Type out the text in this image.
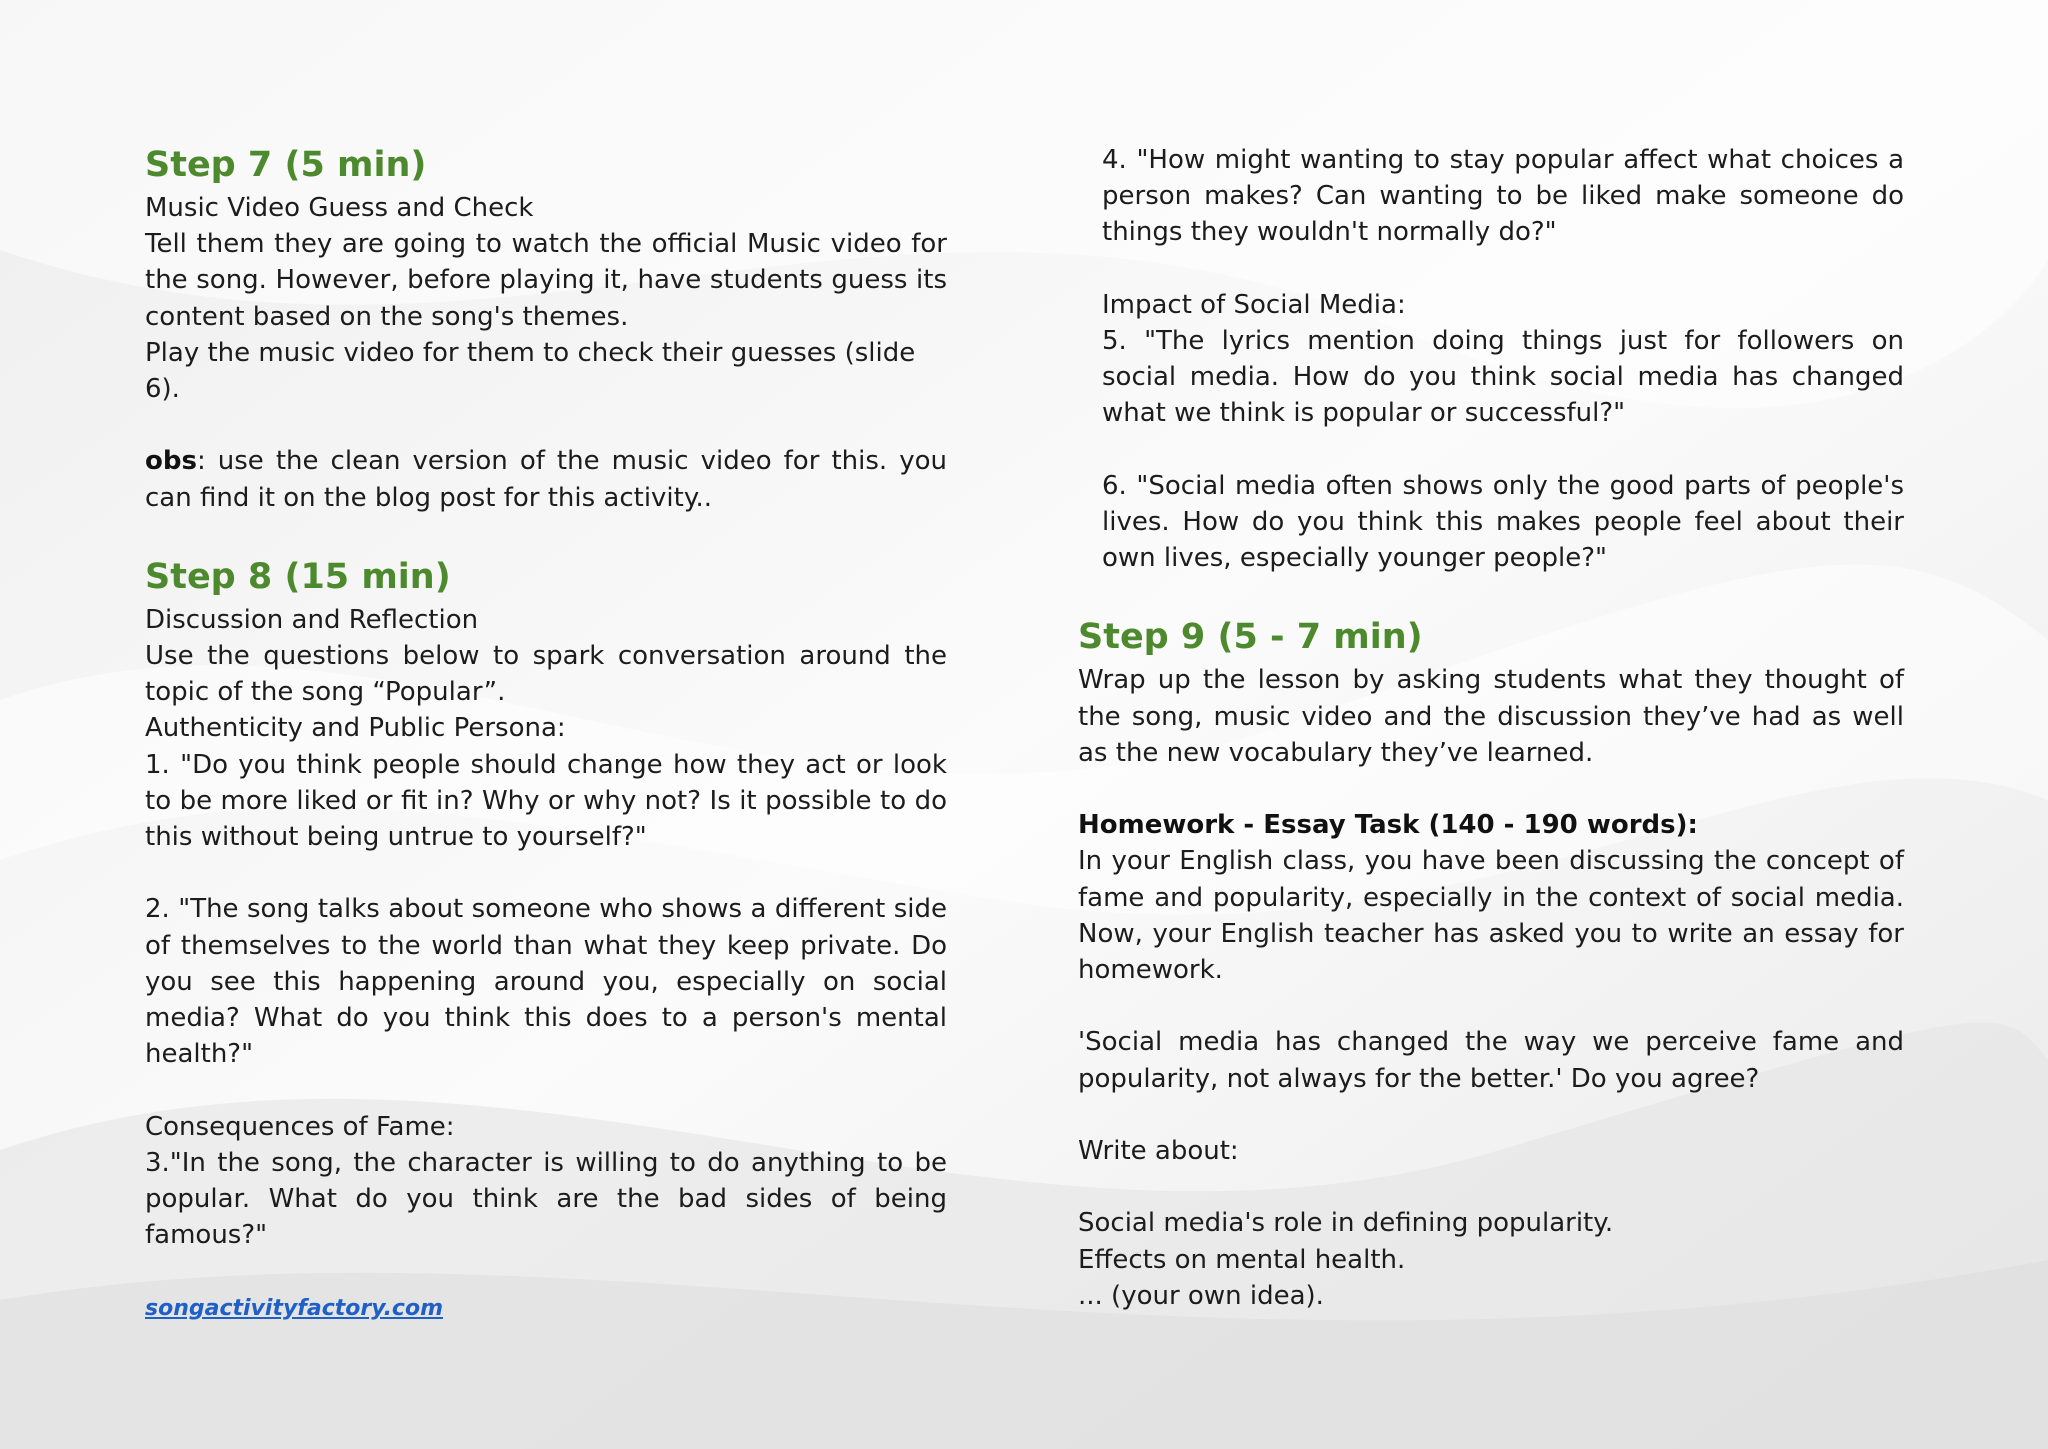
Step 7 (5 min)

Music Video Guess and Check

Tell them they are going to watch the official Music video for the song. However, before playing it, have students guess its content based on the song's themes.

Play the music video for them to check their guesses (slide 6).

obs: use the clean version of the music video for this. you can find it on the blog post for this activity..

Step 8 (15 min)

Discussion and Reflection

Use the questions below to spark conversation around the topic of the song “Popular”.

Authenticity and Public Persona:

1. "Do you think people should change how they act or look to be more liked or fit in? Why or why not? Is it possible to do this without being untrue to yourself?"

2. "The song talks about someone who shows a different side of themselves to the world than what they keep private. Do you see this happening around you, especially on social media? What do you think this does to a person's mental health?"

Consequences of Fame:

3."In the song, the character is willing to do anything to be popular. What do you think are the bad sides of being famous?"

songactivityfactory.com

4. "How might wanting to stay popular affect what choices a person makes? Can wanting to be liked make someone do things they wouldn't normally do?"

Impact of Social Media:

5. "The lyrics mention doing things just for followers on social media. How do you think social media has changed what we think is popular or successful?"

6. "Social media often shows only the good parts of people's lives. How do you think this makes people feel about their own lives, especially younger people?"

Step 9 (5 - 7 min)

Wrap up the lesson by asking students what they thought of the song, music video and the discussion they’ve had as well as the new vocabulary they’ve learned.

Homework - Essay Task (140 - 190 words):

In your English class, you have been discussing the concept of fame and popularity, especially in the context of social media. Now, your English teacher has asked you to write an essay for homework.

'Social media has changed the way we perceive fame and popularity, not always for the better.' Do you agree?

Write about:

Social media's role in defining popularity.

Effects on mental health.

... (your own idea).
